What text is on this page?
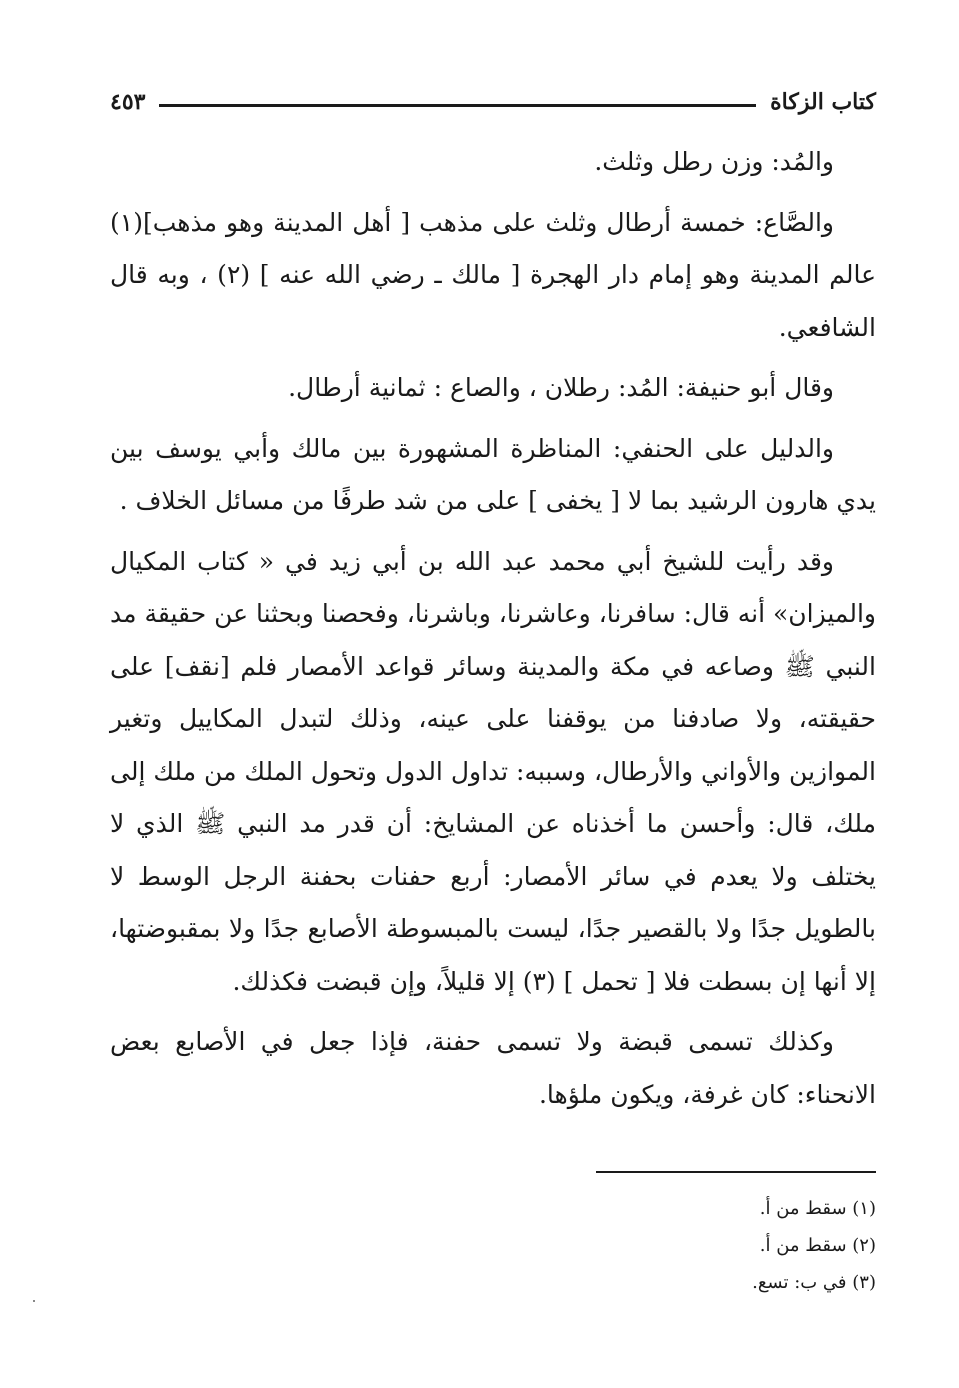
كتاب الزكاة
٤٥٣

والمُد: وزن رطل وثلث.

والصَّاع: خمسة أرطال وثلث على مذهب [ أهل المدينة وهو مذهب](١) عالم المدينة وهو إمام دار الهجرة [ مالك ـ رضي الله عنه ] (٢) ، وبه قال الشافعي.

وقال أبو حنيفة: المُد: رطلان ، والصاع : ثمانية أرطال.

والدليل على الحنفي: المناظرة المشهورة بين مالك وأبي يوسف بين يدي هارون الرشيد بما لا [ يخفى ] على من شد طرفًا من مسائل الخلاف .

وقد رأيت للشيخ أبي محمد عبد الله بن أبي زيد في « كتاب المكيال والميزان» أنه قال: سافرنا، وعاشرنا، وباشرنا، وفحصنا وبحثنا عن حقيقة مد النبي ﷺ وصاعه في مكة والمدينة وسائر قواعد الأمصار فلم [نقف] على حقيقته، ولا صادفنا من يوقفنا على عينه، وذلك لتبدل المكاييل وتغير الموازين والأواني والأرطال، وسببه: تداول الدول وتحول الملك من ملك إلى ملك، قال: وأحسن ما أخذناه عن المشايخ: أن قدر مد النبي ﷺ الذي لا يختلف ولا يعدم في سائر الأمصار: أربع حفنات بحفنة الرجل الوسط لا بالطويل جدًا ولا بالقصير جدًا، ليست بالمبسوطة الأصابع جدًا ولا بمقبوضتها، إلا أنها إن بسطت فلا [ تحمل ] (٣) إلا قليلاً، وإن قبضت فكذلك.

وكذلك تسمى قبضة ولا تسمى حفنة، فإذا جعل في الأصابع بعض الانحناء: كان غرفة، ويكون ملؤها.

(١) سقط من أ.
(٢) سقط من أ.
(٣) في ب: تسع.
